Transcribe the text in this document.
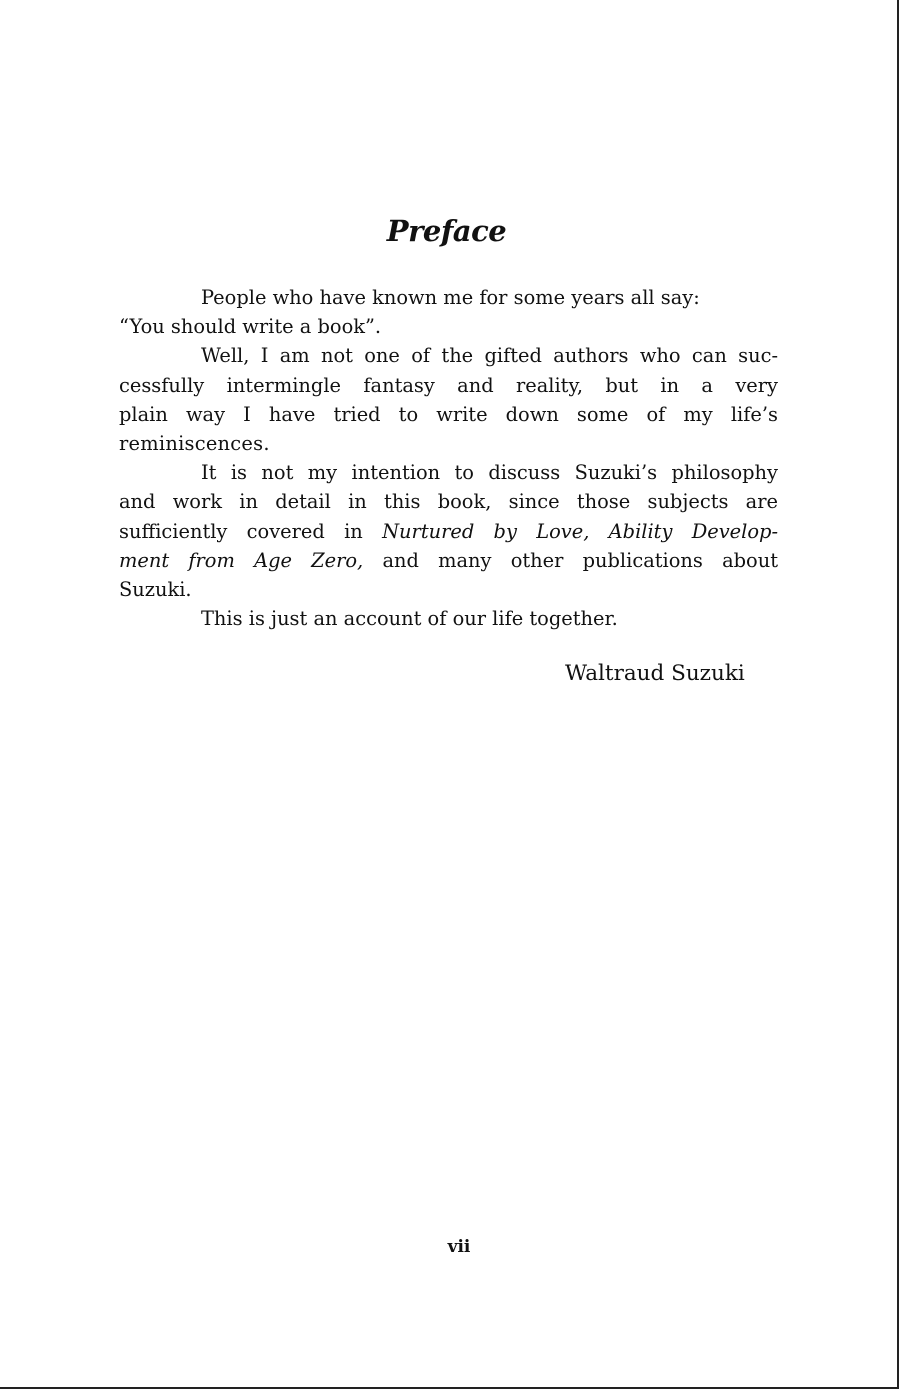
Preface
People who have known me for some years all say:
“You should write a book”.
Well, I am not one of the gifted authors who can suc-
cessfully intermingle fantasy and reality, but in a very
plain way I have tried to write down some of my life’s
reminiscences.
It is not my intention to discuss Suzuki’s philosophy
and work in detail in this book, since those subjects are
sufficiently covered in Nurtured by Love, Ability Develop-
ment from Age Zero, and many other publications about
Suzuki.
This is just an account of our life together.
Waltraud Suzuki
vii
